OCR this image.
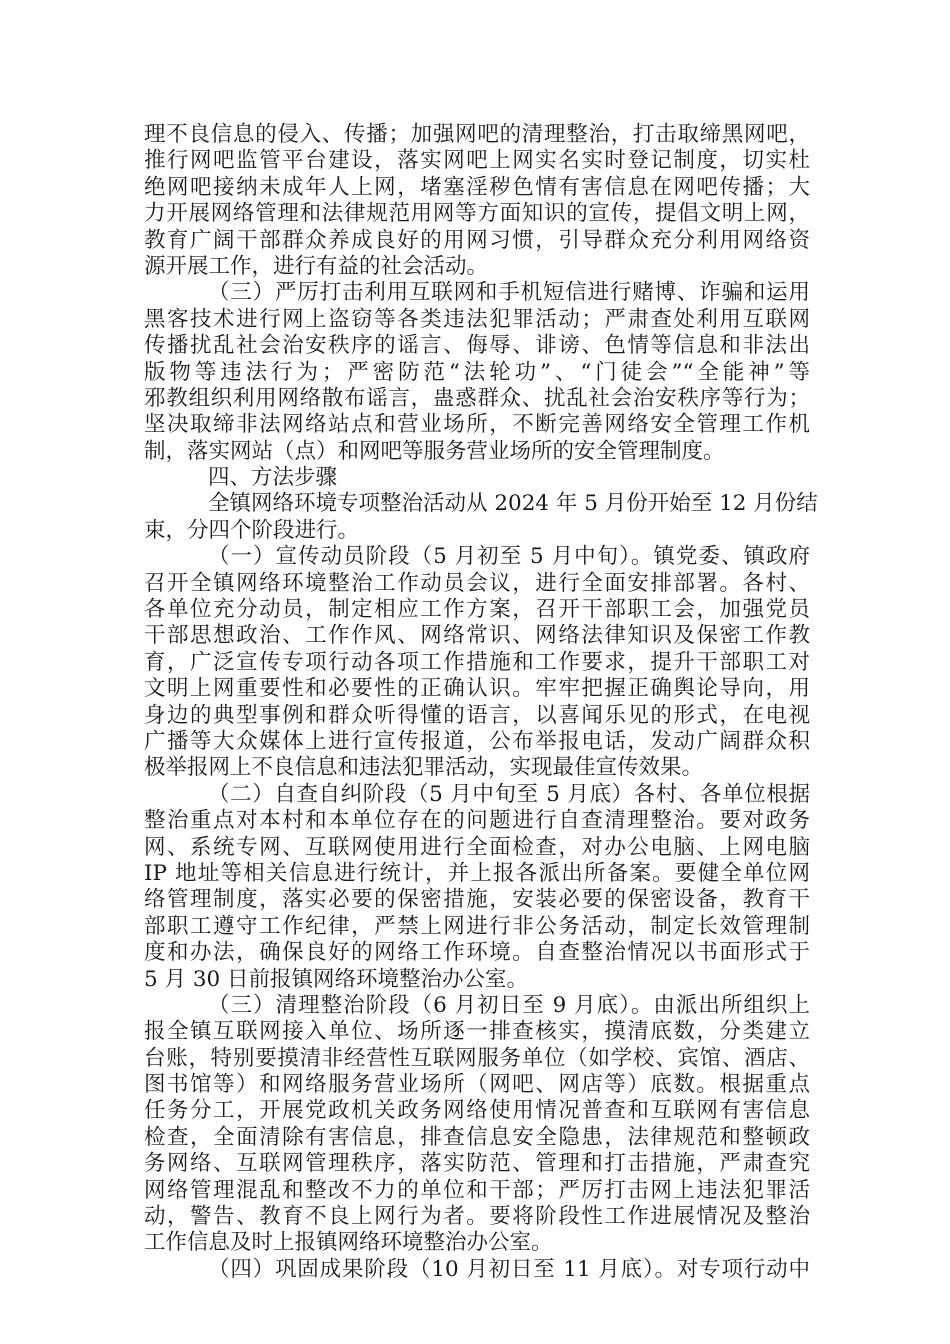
理不良信息的侵入、传播；加强网吧的清理整治，打击取缔黑网吧，
推行网吧监管平台建设，落实网吧上网实名实时登记制度，切实杜
绝网吧接纳未成年人上网，堵塞淫秽色情有害信息在网吧传播；大
力开展网络管理和法律规范用网等方面知识的宣传，提倡文明上网，
教育广阔干部群众养成良好的用网习惯，引导群众充分利用网络资
源开展工作，进行有益的社会活动。
（三）严厉打击利用互联网和手机短信进行赌博、诈骗和运用
黑客技术进行网上盗窃等各类违法犯罪活动；严肃查处利用互联网
传播扰乱社会治安秩序的谣言、侮辱、诽谤、色情等信息和非法出
版物等违法行为；严密防范“法轮功”、“门徒会”“全能神”等
邪教组织利用网络散布谣言，蛊惑群众、扰乱社会治安秩序等行为；
坚决取缔非法网络站点和营业场所，不断完善网络安全管理工作机
制，落实网站（点）和网吧等服务营业场所的安全管理制度。
四、方法步骤
全镇网络环境专项整治活动从 2024 年 5 月份开始至 12 月份结
束，分四个阶段进行。
（一）宣传动员阶段（5 月初至 5 月中旬）。镇党委、镇政府
召开全镇网络环境整治工作动员会议，进行全面安排部署。各村、
各单位充分动员，制定相应工作方案，召开干部职工会，加强党员
干部思想政治、工作作风、网络常识、网络法律知识及保密工作教
育，广泛宣传专项行动各项工作措施和工作要求，提升干部职工对
文明上网重要性和必要性的正确认识。牢牢把握正确舆论导向，用
身边的典型事例和群众听得懂的语言，以喜闻乐见的形式，在电视
广播等大众媒体上进行宣传报道，公布举报电话，发动广阔群众积
极举报网上不良信息和违法犯罪活动，实现最佳宣传效果。
（二）自查自纠阶段（5 月中旬至 5 月底）各村、各单位根据
整治重点对本村和本单位存在的问题进行自查清理整治。要对政务
网、系统专网、互联网使用进行全面检查，对办公电脑、上网电脑
IP 地址等相关信息进行统计，并上报各派出所备案。要健全单位网
络管理制度，落实必要的保密措施，安装必要的保密设备，教育干
部职工遵守工作纪律，严禁上网进行非公务活动，制定长效管理制
度和办法，确保良好的网络工作环境。自查整治情况以书面形式于
5 月 30 日前报镇网络环境整治办公室。
（三）清理整治阶段（6 月初日至 9 月底）。由派出所组织上
报全镇互联网接入单位、场所逐一排查核实，摸清底数，分类建立
台账，特别要摸清非经营性互联网服务单位（如学校、宾馆、酒店、
图书馆等）和网络服务营业场所（网吧、网店等）底数。根据重点
任务分工，开展党政机关政务网络使用情况普查和互联网有害信息
检查，全面清除有害信息，排查信息安全隐患，法律规范和整顿政
务网络、互联网管理秩序，落实防范、管理和打击措施，严肃查究
网络管理混乱和整改不力的单位和干部；严厉打击网上违法犯罪活
动，警告、教育不良上网行为者。要将阶段性工作进展情况及整治
工作信息及时上报镇网络环境整治办公室。
（四）巩固成果阶段（10 月初日至 11 月底）。对专项行动中
